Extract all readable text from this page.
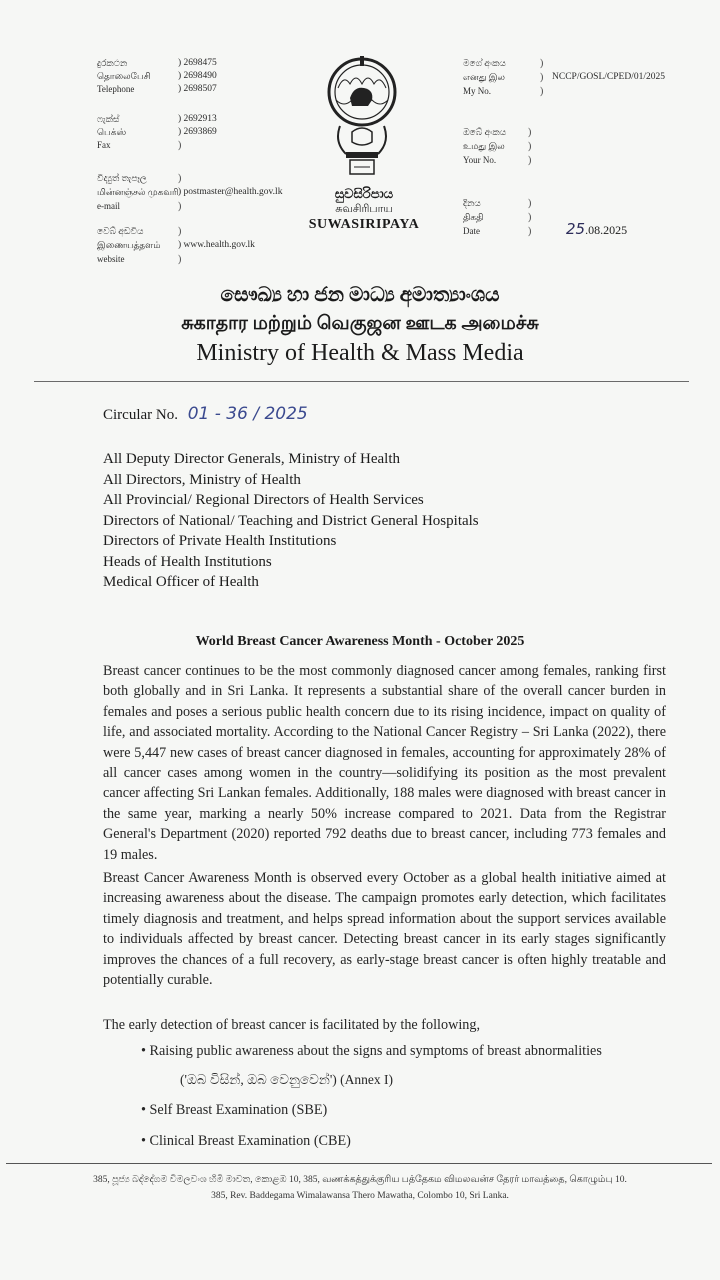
දුරකථන
தொலைபேசி
Telephone
) 2698475
) 2698490
) 2698507
ෆැක්ස්
பெக்ஸ்
Fax
) 2692913
) 2693869
)
විද්‍යුත් තැපෑල
மின்னஞ்சல் முகவரி
e-mail
)
) postmaster@health.gov.lk
)
වෙබ් අඩවිය
இணையத்தளம்
website
)
) www.health.gov.lk
)
සුවසිරිපාය
சுவசிரிபாய
SUWASIRIPAYA
මගේ අංකය
எனது இல
My No.
)
)
)
NCCP/GOSL/CPED/01/2025
ඔබේ අංකය
உமது இல
Your No.
)
)
)
දිනය
திகதி
Date
)
)
) 25.08.2025
සෞඛ්‍ය හා ජන මාධ්‍ය අමාත්‍යාංශය
சுகாதார மற்றும் வெகுஜன ஊடக அமைச்சு
Ministry of Health & Mass Media
Circular No. 01 - 36 / 2025
All Deputy Director Generals, Ministry of Health
All Directors, Ministry of Health
All Provincial/ Regional Directors of Health Services
Directors of National/ Teaching and District General Hospitals
Directors of Private Health Institutions
Heads of Health Institutions
Medical Officer of Health
World Breast Cancer Awareness Month - October 2025
Breast cancer continues to be the most commonly diagnosed cancer among females, ranking first both globally and in Sri Lanka. It represents a substantial share of the overall cancer burden in females and poses a serious public health concern due to its rising incidence, impact on quality of life, and associated mortality. According to the National Cancer Registry – Sri Lanka (2022), there were 5,447 new cases of breast cancer diagnosed in females, accounting for approximately 28% of all cancer cases among women in the country—solidifying its position as the most prevalent cancer affecting Sri Lankan females. Additionally, 188 males were diagnosed with breast cancer in the same year, marking a nearly 50% increase compared to 2021. Data from the Registrar General's Department (2020) reported 792 deaths due to breast cancer, including 773 females and 19 males.
Breast Cancer Awareness Month is observed every October as a global health initiative aimed at increasing awareness about the disease. The campaign promotes early detection, which facilitates timely diagnosis and treatment, and helps spread information about the support services available to individuals affected by breast cancer. Detecting breast cancer in its early stages significantly improves the chances of a full recovery, as early-stage breast cancer is often highly treatable and potentially curable.
The early detection of breast cancer is facilitated by the following,
• Raising public awareness about the signs and symptoms of breast abnormalities
('ඔබ විසින්, ඔබ වෙනුවෙන්') (Annex I)
• Self Breast Examination (SBE)
• Clinical Breast Examination (CBE)
385, පූජ්‍ය බද්දේගම විමලවංශ හිමි මාවත, කොළඹ 10, 385, வணக்கத்துக்குரிய பத்தேகம விமலவன்ச தேரர் மாவத்தை, கொழும்பு 10.
385, Rev. Baddegama Wimalawansa Thero Mawatha, Colombo 10, Sri Lanka.
